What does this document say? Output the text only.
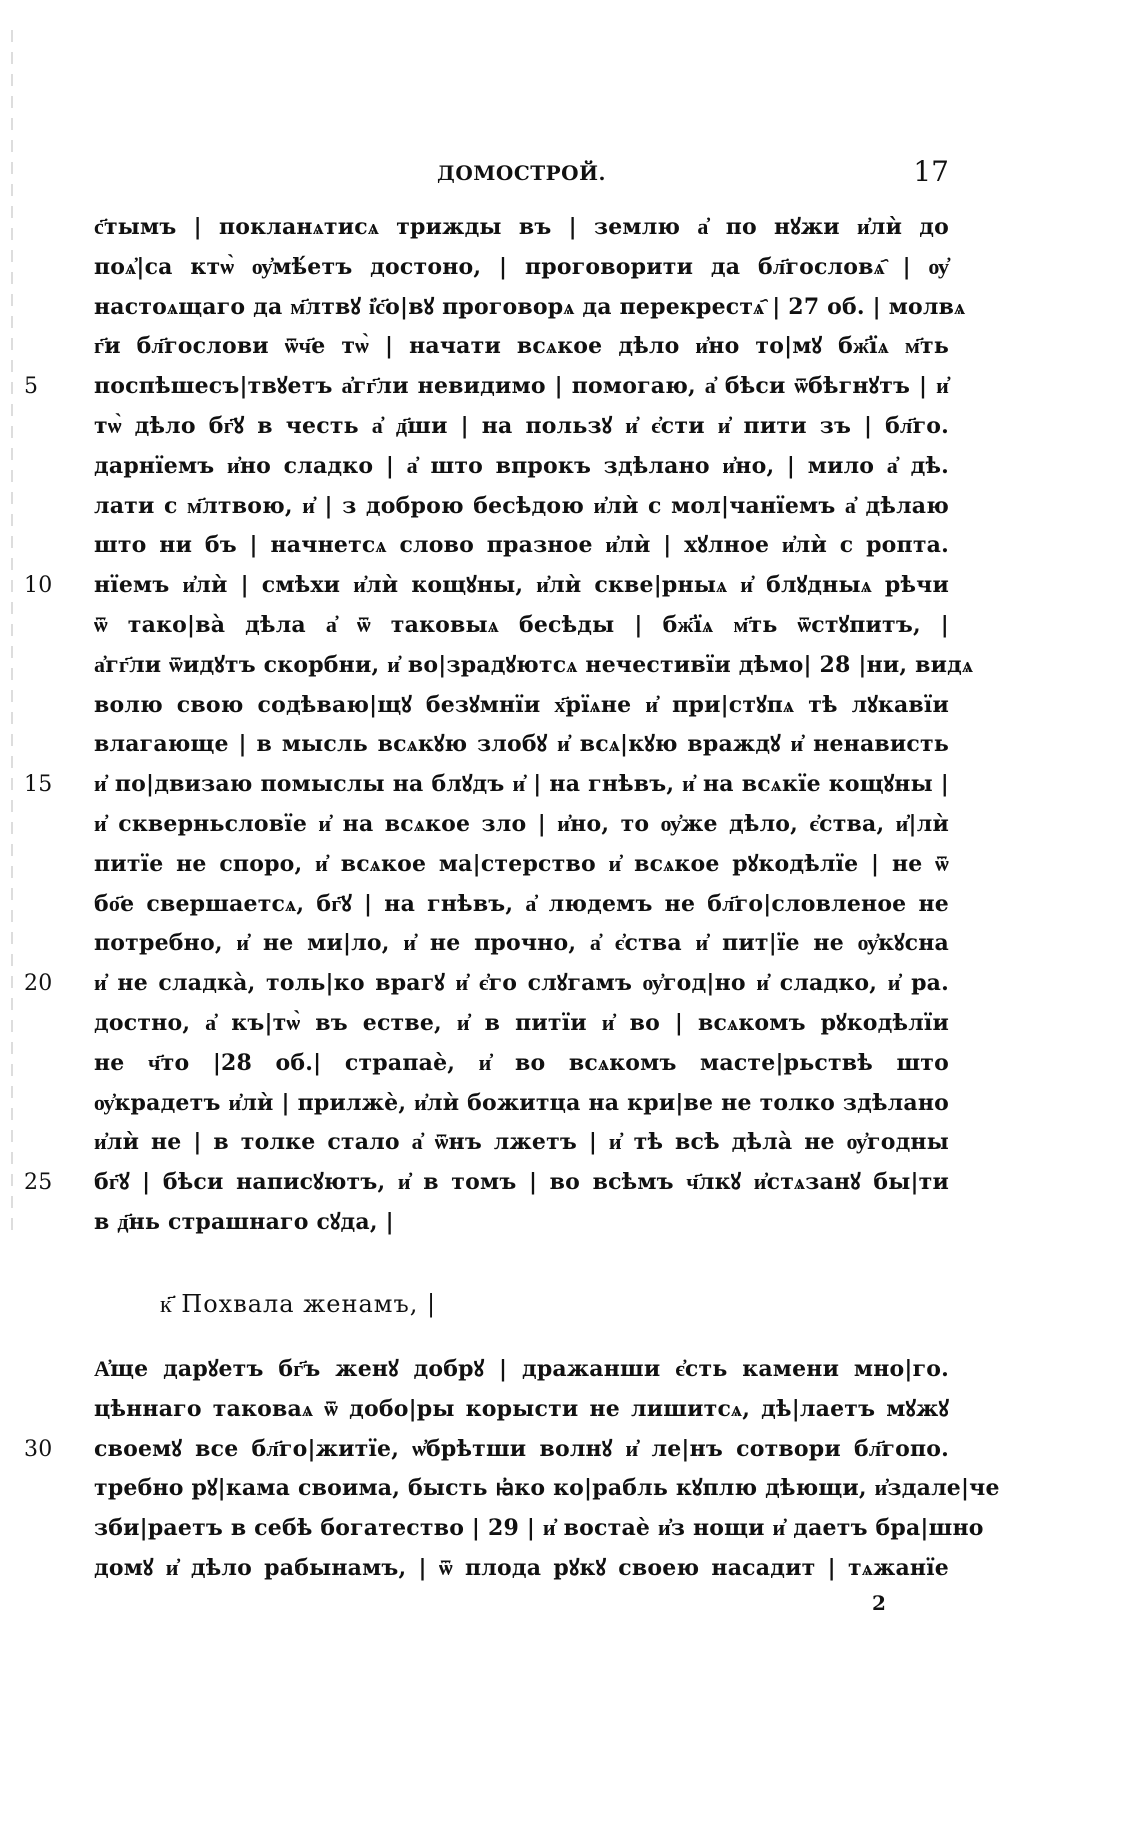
ДОМОСТРОЙ.	17
с҃тымъ | покланѧтисѧ трижды въ | землю а҆ по нꙋжи и҆лѝ до
поѧ҆|са ктѡ̀ ѹ҆мѣ́етъ достоно, | проговорити да бл҃гословѧ҄ | ѹ҆
настоѧщаго да м҃лтвꙋ і҆с҃о|вꙋ проговорѧ да перекрестѧ҄ | 27 об. | молвѧ
г҃и бл҃гослови ѿч҃е тѡ̀ | начати всѧкое дѣло и҆но то|мꙋ бж҃їѧ м҃ть
5	поспѣшесъ|твꙋетъ а҆гг҃ли невидимо | помогаю, а҆ бѣси ѿбѣгнꙋтъ | и҆
тѡ̀ дѣло бг҃ꙋ в честь а҆ д҃ши | на пользꙋ и҆ є҆сти и҆ пити зъ | бл҃го.
дарнїемъ и҆но сладко | а҆ што впрокъ здѣлано и҆но, | мило а҆ дѣ.
лати с м҃лтвою, и҆ | з доброю бесѣдою и҆лѝ с мол|чанїемъ а҆ дѣлаю
што ни бъ | начнетсѧ слово празное и҆лѝ | хꙋлное и҆лѝ с ропта.
10	нїемъ и҆лѝ | смѣхи и҆лѝ кощꙋны, и҆лѝ скве|рныѧ и҆ блꙋдныѧ рѣчи
ѿ тако|ва̀ дѣла а҆ ѿ таковыѧ бесѣды | бж҃їѧ м҃ть ѿстꙋпитъ, |
а҆гг҃ли ѿидꙋтъ скорбни, и҆ во|зрадꙋютсѧ нечестивїи дѣмо| 28 |ни, видѧ
волю свою содѣваю|щꙋ безꙋмнїи х҃рїѧне и҆ при|стꙋпѧ тѣ лꙋкавїи
влагающе | в мысль всѧкꙋю злобꙋ и҆ всѧ|кꙋю враждꙋ и҆ ненависть
15	и҆ по|двизаю помыслы на блꙋдъ и҆ | на гнѣвъ, и҆ на всѧкїе кощꙋны |
и҆ скверньсловїе и҆ на всѧкое зло | и҆но, то ѹ҆же дѣло, є҆ства, и҆|лѝ
питїе не споро, и҆ всѧкое ма|стерство и҆ всѧкое рꙋкодѣлїе | не ѿ
бо҃е свершаетсѧ, бг҃ꙋ | на гнѣвъ, а҆ людемъ не бл҃го|словленое не
потребно, и҆ не ми|ло, и҆ не прочно, а҆ є҆ства и҆ пит|їе не ѹ҆кꙋсна
20	и҆ не сладка̀, толь|ко врагꙋ и҆ є҆го слꙋгамъ ѹ҆год|но и҆ сладко, и҆ ра.
достно, а҆ къ|тѡ̀ въ естве, и҆ в питїи и҆ во | всѧкомъ рꙋкодѣлїи
не ч҃то |28 об.| страпаѐ, и҆ во всѧкомъ масте|рьствѣ што
ѹ҆крадетъ и҆лѝ | прилжѐ, и҆лѝ божитца на кри|ве не толко здѣлано
и҆лѝ не | в толке стало а҆ ѿнъ лжетъ | и҆ тѣ всѣ дѣла̀ не ѹ҆годны
25	бг҃ꙋ | бѣси написꙋютъ, и҆ в томъ | во всѣмъ ч҃лкꙋ и҆стѧзанꙋ бы|ти
в д҃нь страшнаго сꙋда, |
к҃ Похвала женамъ, |
А҆ще дарꙋетъ бг҃ъ женꙋ добрꙋ | дражанши є҆сть камени мно|го.
цѣннаго таковаѧ ѿ добо|ры корысти не лишитсѧ, дѣ|лаетъ мꙋжꙋ
30	своемꙋ все бл҃го|житїе, ѡ҆брѣтши волнꙋ и҆ ле|нъ сотвори бл҃гопо.
требно рꙋ|кама своима, бысть ꙗ҆ко ко|рабль кꙋплю дѣющи, и҆здале|че
зби|раетъ в себѣ богатество | 29 | и҆ востаѐ и҆з нощи и҆ даетъ бра|шно
домꙋ и҆ дѣло рабынамъ, | ѿ плода рꙋкꙋ своею насадит | тѧжанїе
2
